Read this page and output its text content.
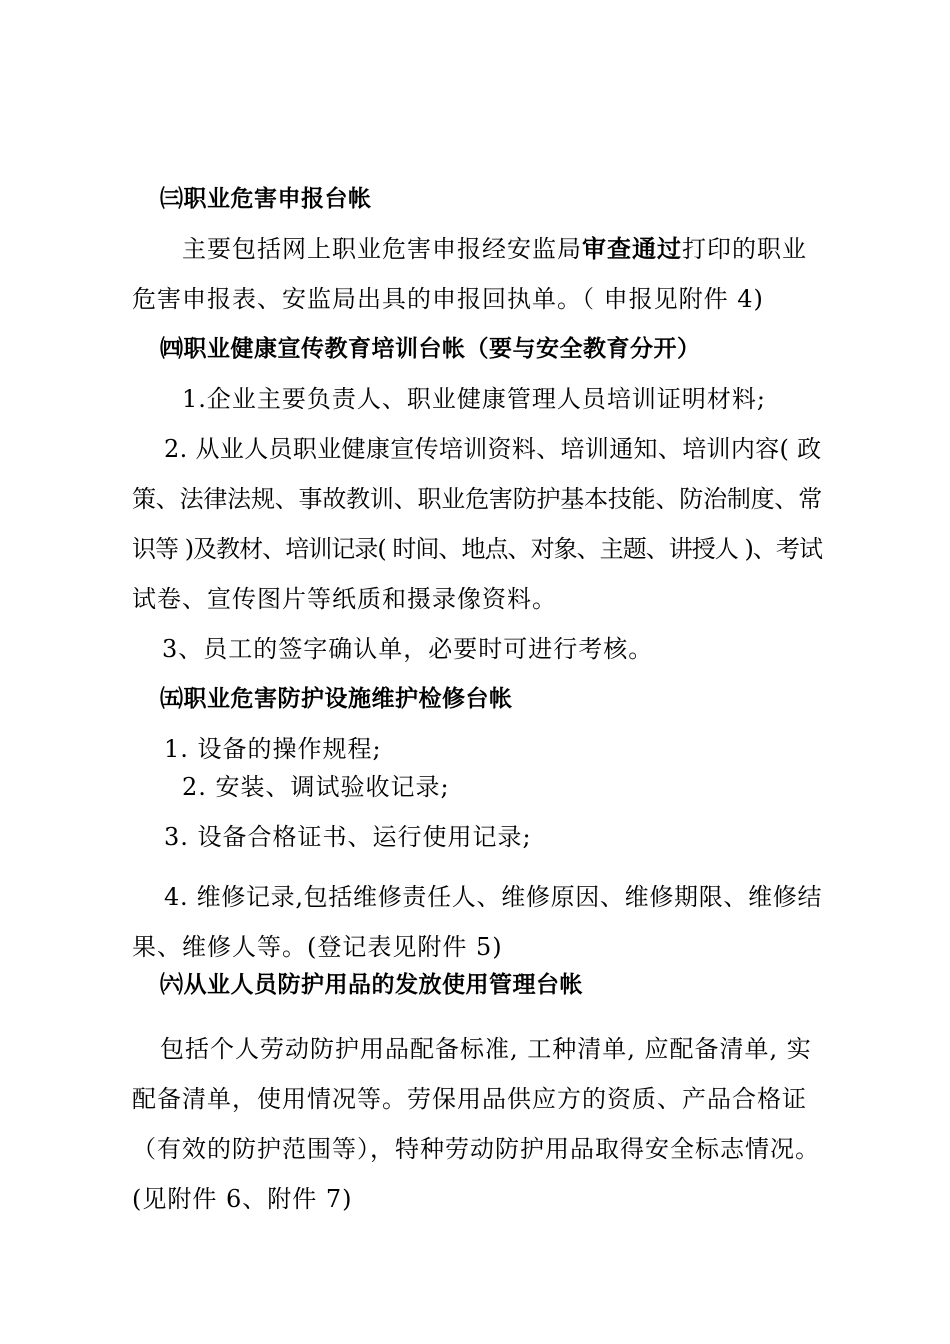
㈢职业危害申报台帐
主要包括网上职业危害申报经安监局审查通过打印的职业
危害申报表、安监局出具的申报回执单。（ 申报见附件 4)
㈣职业健康宣传教育培训台帐（要与安全教育分开）
1.企业主要负责人、职业健康管理人员培训证明材料;
2. 从业人员职业健康宣传培训资料、培训通知、培训内容( 政
策、法律法规、事故教训、职业危害防护基本技能、防治制度、常
识等 )及教材、培训记录( 时间、地点、对象、主题、讲授人 )、考试
试卷、宣传图片等纸质和摄录像资料。
3、员工的签字确认单，必要时可进行考核。
㈤职业危害防护设施维护检修台帐
1. 设备的操作规程;
2. 安装、调试验收记录;
3. 设备合格证书、运行使用记录;
4. 维修记录,包括维修责任人、维修原因、维修期限、维修结
果、维修人等。(登记表见附件 5)
㈥从业人员防护用品的发放使用管理台帐
包括个人劳动防护用品配备标准, 工种清单, 应配备清单, 实
配备清单，使用情况等。劳保用品供应方的资质、产品合格证
（有效的防护范围等），特种劳动防护用品取得安全标志情况。
(见附件 6、附件 7)
